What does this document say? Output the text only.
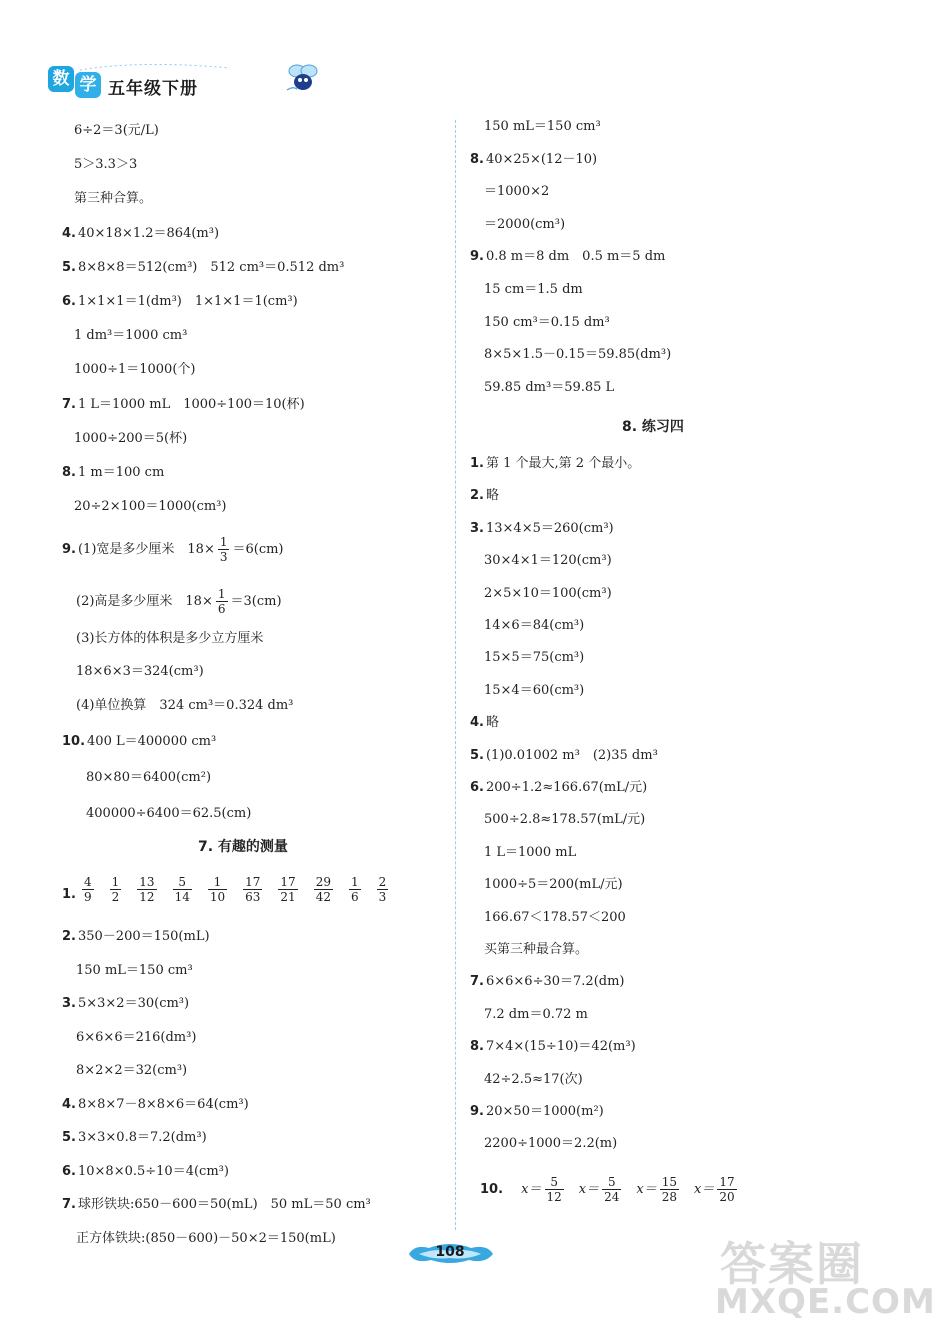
数 学 五年级下册
6÷2＝3(元/L)
5＞3.3＞3
第三种合算。
4. 40×18×1.2＝864(m³)
5. 8×8×8＝512(cm³)　512 cm³＝0.512 dm³
6. 1×1×1＝1(dm³)　1×1×1＝1(cm³)
1 dm³＝1000 cm³
1000÷1＝1000(个)
7. 1 L＝1000 mL　1000÷100＝10(杯)
1000÷200＝5(杯)
8. 1 m＝100 cm
20÷2×100＝1000(cm³)
9. (1)宽是多少厘米　$18\times \frac{1}{3} =6(cm)$
(2)高是多少厘米　$18\times \frac{1}{6} =3(cm)$
(3)长方体的体积是多少立方厘米
18×6×3＝324(cm³)
(4)单位换算　324 cm³＝0.324 dm³
10. 400 L＝400000 cm³
80×80＝6400(cm²)
400000÷6400＝62.5(cm)
7. 有趣的测量
1. $\frac{4}{9} \frac{1}{2} \frac{13}{12} \frac{5}{14} \frac{1}{10} \frac{17}{63} \frac{17}{21} \frac{29}{42} \frac{1}{6} \frac{2}{3}$
2. 350－200＝150(mL)
150 mL＝150 cm³
3. 5×3×2＝30(cm³)
6×6×6＝216(dm³)
8×2×2＝32(cm³)
4. 8×8×7－8×8×6＝64(cm³)
5. 3×3×0.8＝7.2(dm³)
6. 10×8×0.5÷10＝4(cm³)
7. 球形铁块:650－600＝50(mL)　50 mL＝50 cm³
正方体铁块:(850－600)－50×2＝150(mL)
150 mL＝150 cm³
8. 40×25×(12－10)
＝1000×2
＝2000(cm³)
9. 0.8 m＝8 dm　0.5 m＝5 dm
15 cm＝1.5 dm
150 cm³＝0.15 dm³
8×5×1.5－0.15＝59.85(dm³)
59.85 dm³＝59.85 L
8. 练习四
1. 第 1 个最大,第 2 个最小。
2. 略
3. 13×4×5＝260(cm³)
30×4×1＝120(cm³)
2×5×10＝100(cm³)
14×6＝84(cm³)
15×5＝75(cm³)
15×4＝60(cm³)
4. 略
5. (1)0.01002 m³　(2)35 dm³
6. 200÷1.2≈166.67(mL/元)
500÷2.8≈178.57(mL/元)
1 L＝1000 mL
1000÷5＝200(mL/元)
166.67＜178.57＜200
买第三种最合算。
7. 6×6×6÷30＝7.2(dm)
7.2 dm＝0.72 m
8. 7×4×(15÷10)＝42(m³)
42÷2.5≈17(次)
9. 20×50＝1000(m²)
2200÷1000＝2.2(m)
10. $x= \frac{5}{12} x= \frac{5}{24} x= \frac{15}{28} x= \frac{17}{20}$
108	答案圈
MXQE.COM
